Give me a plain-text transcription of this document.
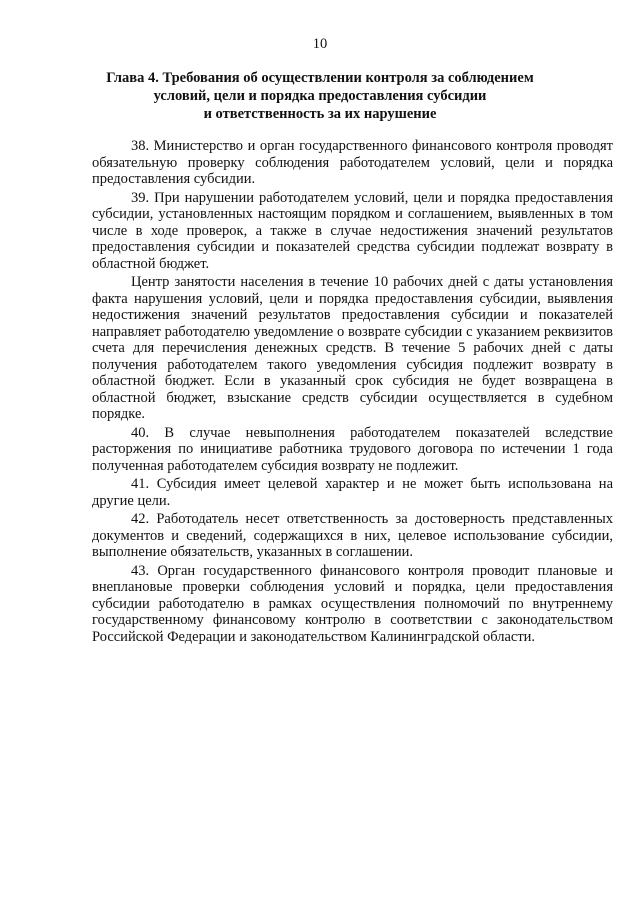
10
Глава 4. Требования об осуществлении контроля за соблюдением
условий, цели и порядка предоставления субсидии
и ответственность за их нарушение

38. Министерство и орган государственного финансового контроля проводят обязательную проверку соблюдения работодателем условий, цели и порядка предоставления субсидии.

39. При нарушении работодателем условий, цели и порядка предоставления субсидии, установленных настоящим порядком и соглашением, выявленных в том числе в ходе проверок, а также в случае недостижения значений результатов предоставления субсидии и показателей средства субсидии подлежат возврату в областной бюджет.

Центр занятости населения в течение 10 рабочих дней с даты установления факта нарушения условий, цели и порядка предоставления субсидии, выявления недостижения значений результатов предоставления субсидии и показателей направляет работодателю уведомление о возврате субсидии с указанием реквизитов счета для перечисления денежных средств. В течение 5 рабочих дней с даты получения работодателем такого уведомления субсидия подлежит возврату в областной бюджет. Если в указанный срок субсидия не будет возвращена в областной бюджет, взыскание средств субсидии осуществляется в судебном порядке.

40. В случае невыполнения работодателем показателей вследствие расторжения по инициативе работника трудового договора по истечении 1 года полученная работодателем субсидия возврату не подлежит.

41. Субсидия имеет целевой характер и не может быть использована на другие цели.

42. Работодатель несет ответственность за достоверность представленных документов и сведений, содержащихся в них, целевое использование субсидии, выполнение обязательств, указанных в соглашении.

43. Орган государственного финансового контроля проводит плановые и внеплановые проверки соблюдения условий и порядка, цели предоставления субсидии работодателю в рамках осуществления полномочий по внутреннему государственному финансовому контролю в соответствии с законодательством Российской Федерации и законодательством Калининградской области.
